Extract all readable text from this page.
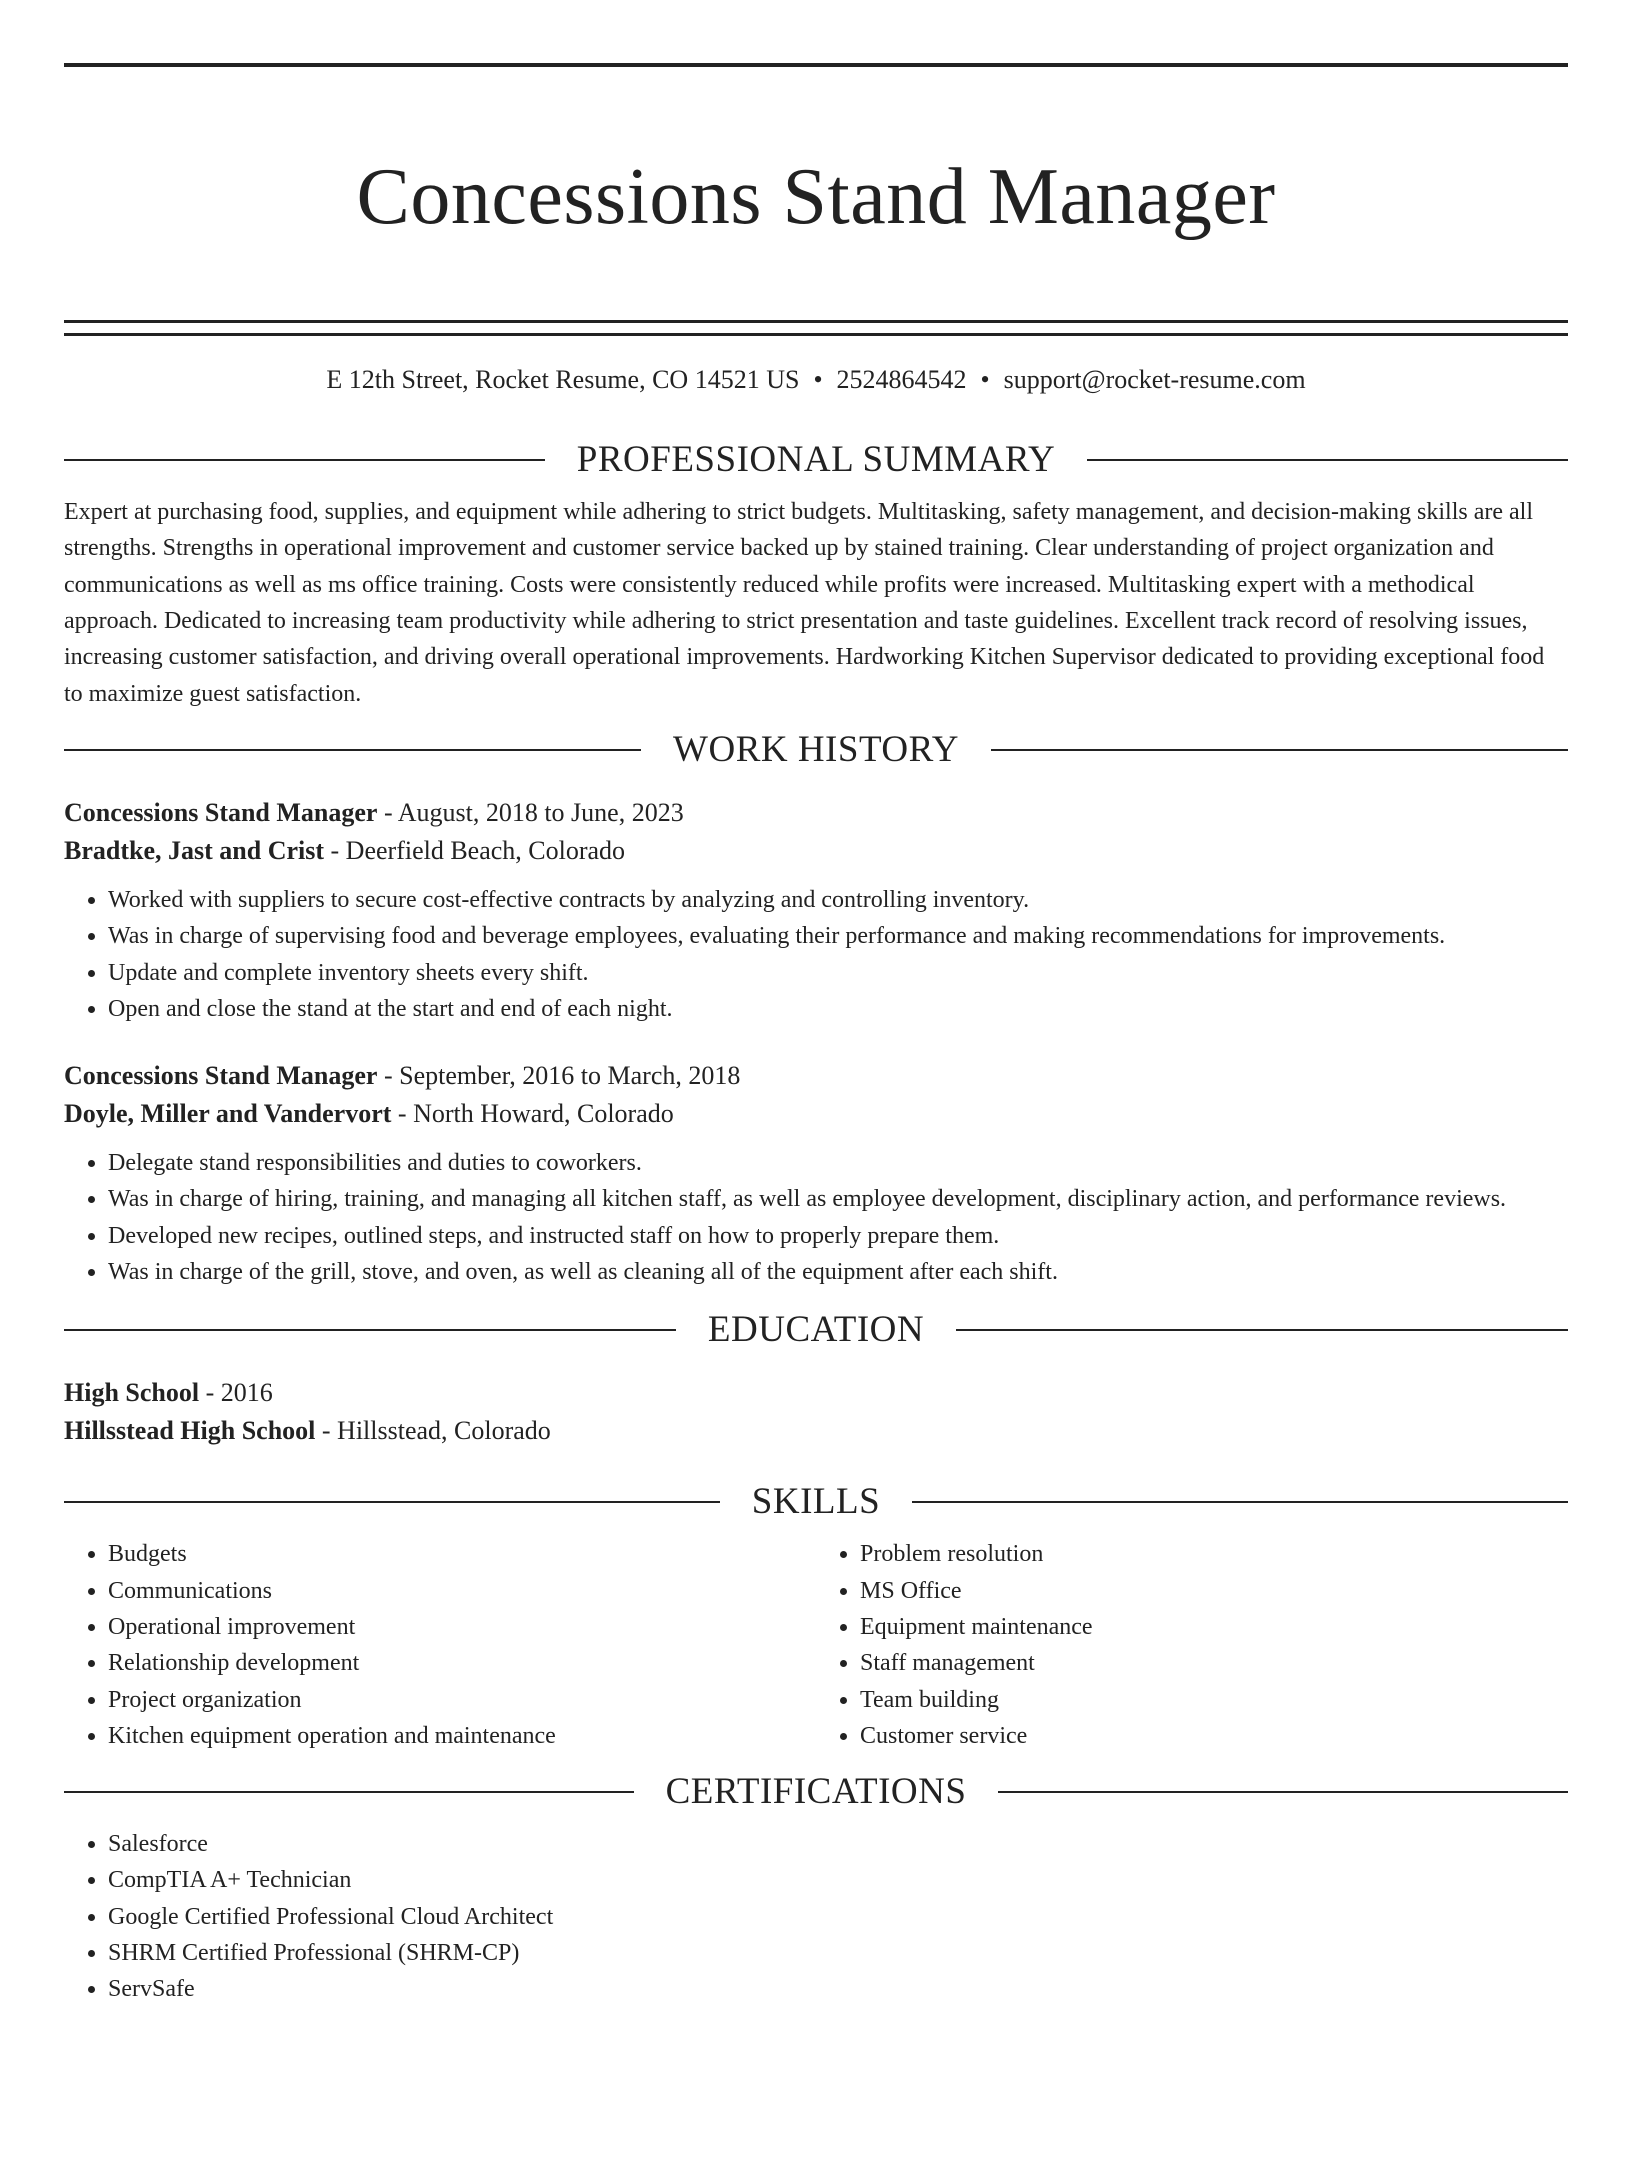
Concessions Stand Manager
E 12th Street, Rocket Resume, CO 14521 US • 2524864542 • support@rocket-resume.com
PROFESSIONAL SUMMARY
Expert at purchasing food, supplies, and equipment while adhering to strict budgets. Multitasking, safety management, and decision-making skills are all strengths. Strengths in operational improvement and customer service backed up by stained training. Clear understanding of project organization and communications as well as ms office training. Costs were consistently reduced while profits were increased. Multitasking expert with a methodical approach. Dedicated to increasing team productivity while adhering to strict presentation and taste guidelines. Excellent track record of resolving issues, increasing customer satisfaction, and driving overall operational improvements. Hardworking Kitchen Supervisor dedicated to providing exceptional food to maximize guest satisfaction.
WORK HISTORY
Concessions Stand Manager - August, 2018 to June, 2023
Bradtke, Jast and Crist - Deerfield Beach, Colorado
• Worked with suppliers to secure cost-effective contracts by analyzing and controlling inventory.
• Was in charge of supervising food and beverage employees, evaluating their performance and making recommendations for improvements.
• Update and complete inventory sheets every shift.
• Open and close the stand at the start and end of each night.
Concessions Stand Manager - September, 2016 to March, 2018
Doyle, Miller and Vandervort - North Howard, Colorado
• Delegate stand responsibilities and duties to coworkers.
• Was in charge of hiring, training, and managing all kitchen staff, as well as employee development, disciplinary action, and performance reviews.
• Developed new recipes, outlined steps, and instructed staff on how to properly prepare them.
• Was in charge of the grill, stove, and oven, as well as cleaning all of the equipment after each shift.
EDUCATION
High School - 2016
Hillsstead High School - Hillsstead, Colorado
SKILLS
• Budgets
• Communications
• Operational improvement
• Relationship development
• Project organization
• Kitchen equipment operation and maintenance
• Problem resolution
• MS Office
• Equipment maintenance
• Staff management
• Team building
• Customer service
CERTIFICATIONS
• Salesforce
• CompTIA A+ Technician
• Google Certified Professional Cloud Architect
• SHRM Certified Professional (SHRM-CP)
• ServSafe
